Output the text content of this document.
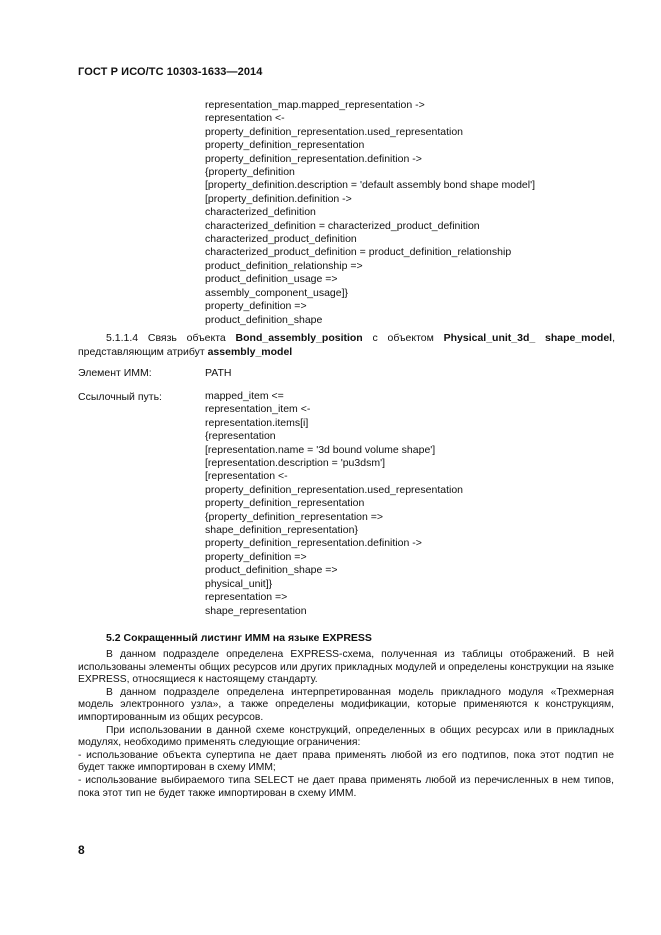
ГОСТ Р ИСО/ТС 10303-1633—2014
representation_map.mapped_representation ->
representation <-
property_definition_representation.used_representation
property_definition_representation
property_definition_representation.definition ->
{property_definition
[property_definition.description = 'default assembly bond shape model']
[property_definition.definition ->
characterized_definition
characterized_definition = characterized_product_definition
characterized_product_definition
characterized_product_definition = product_definition_relationship
product_definition_relationship =>
product_definition_usage =>
assembly_component_usage]}
property_definition =>
product_definition_shape
5.1.1.4 Связь объекта Bond_assembly_position с объектом Physical_unit_3d_ shape_model, представляющим атрибут assembly_model
Элемент ИММ:	PATH
Ссылочный путь:	mapped_item <=
representation_item <-
representation.items[i]
{representation
[representation.name = '3d bound volume shape']
[representation.description = 'pu3dsm']
[representation <-
property_definition_representation.used_representation
property_definition_representation
{property_definition_representation =>
shape_definition_representation}
property_definition_representation.definition ->
property_definition =>
product_definition_shape =>
physical_unit]}
representation =>
shape_representation
5.2 Сокращенный листинг ИММ на языке EXPRESS

В данном подразделе определена EXPRESS-схема, полученная из таблицы отображений. В ней использованы элементы общих ресурсов или других прикладных модулей и определены конструкции на языке EXPRESS, относящиеся к настоящему стандарту.

В данном подразделе определена интерпретированная модель прикладного модуля «Трехмерная модель электронного узла», а также определены модификации, которые применяются к конструкциям, импортированным из общих ресурсов.

При использовании в данной схеме конструкций, определенных в общих ресурсах или в прикладных модулях, необходимо применять следующие ограничения:

- использование объекта супертипа не дает права применять любой из его подтипов, пока этот подтип не будет также импортирован в схему ИММ;

- использование выбираемого типа SELECT не дает права применять любой из перечисленных в нем типов, пока этот тип не будет также импортирован в схему ИММ.

8
